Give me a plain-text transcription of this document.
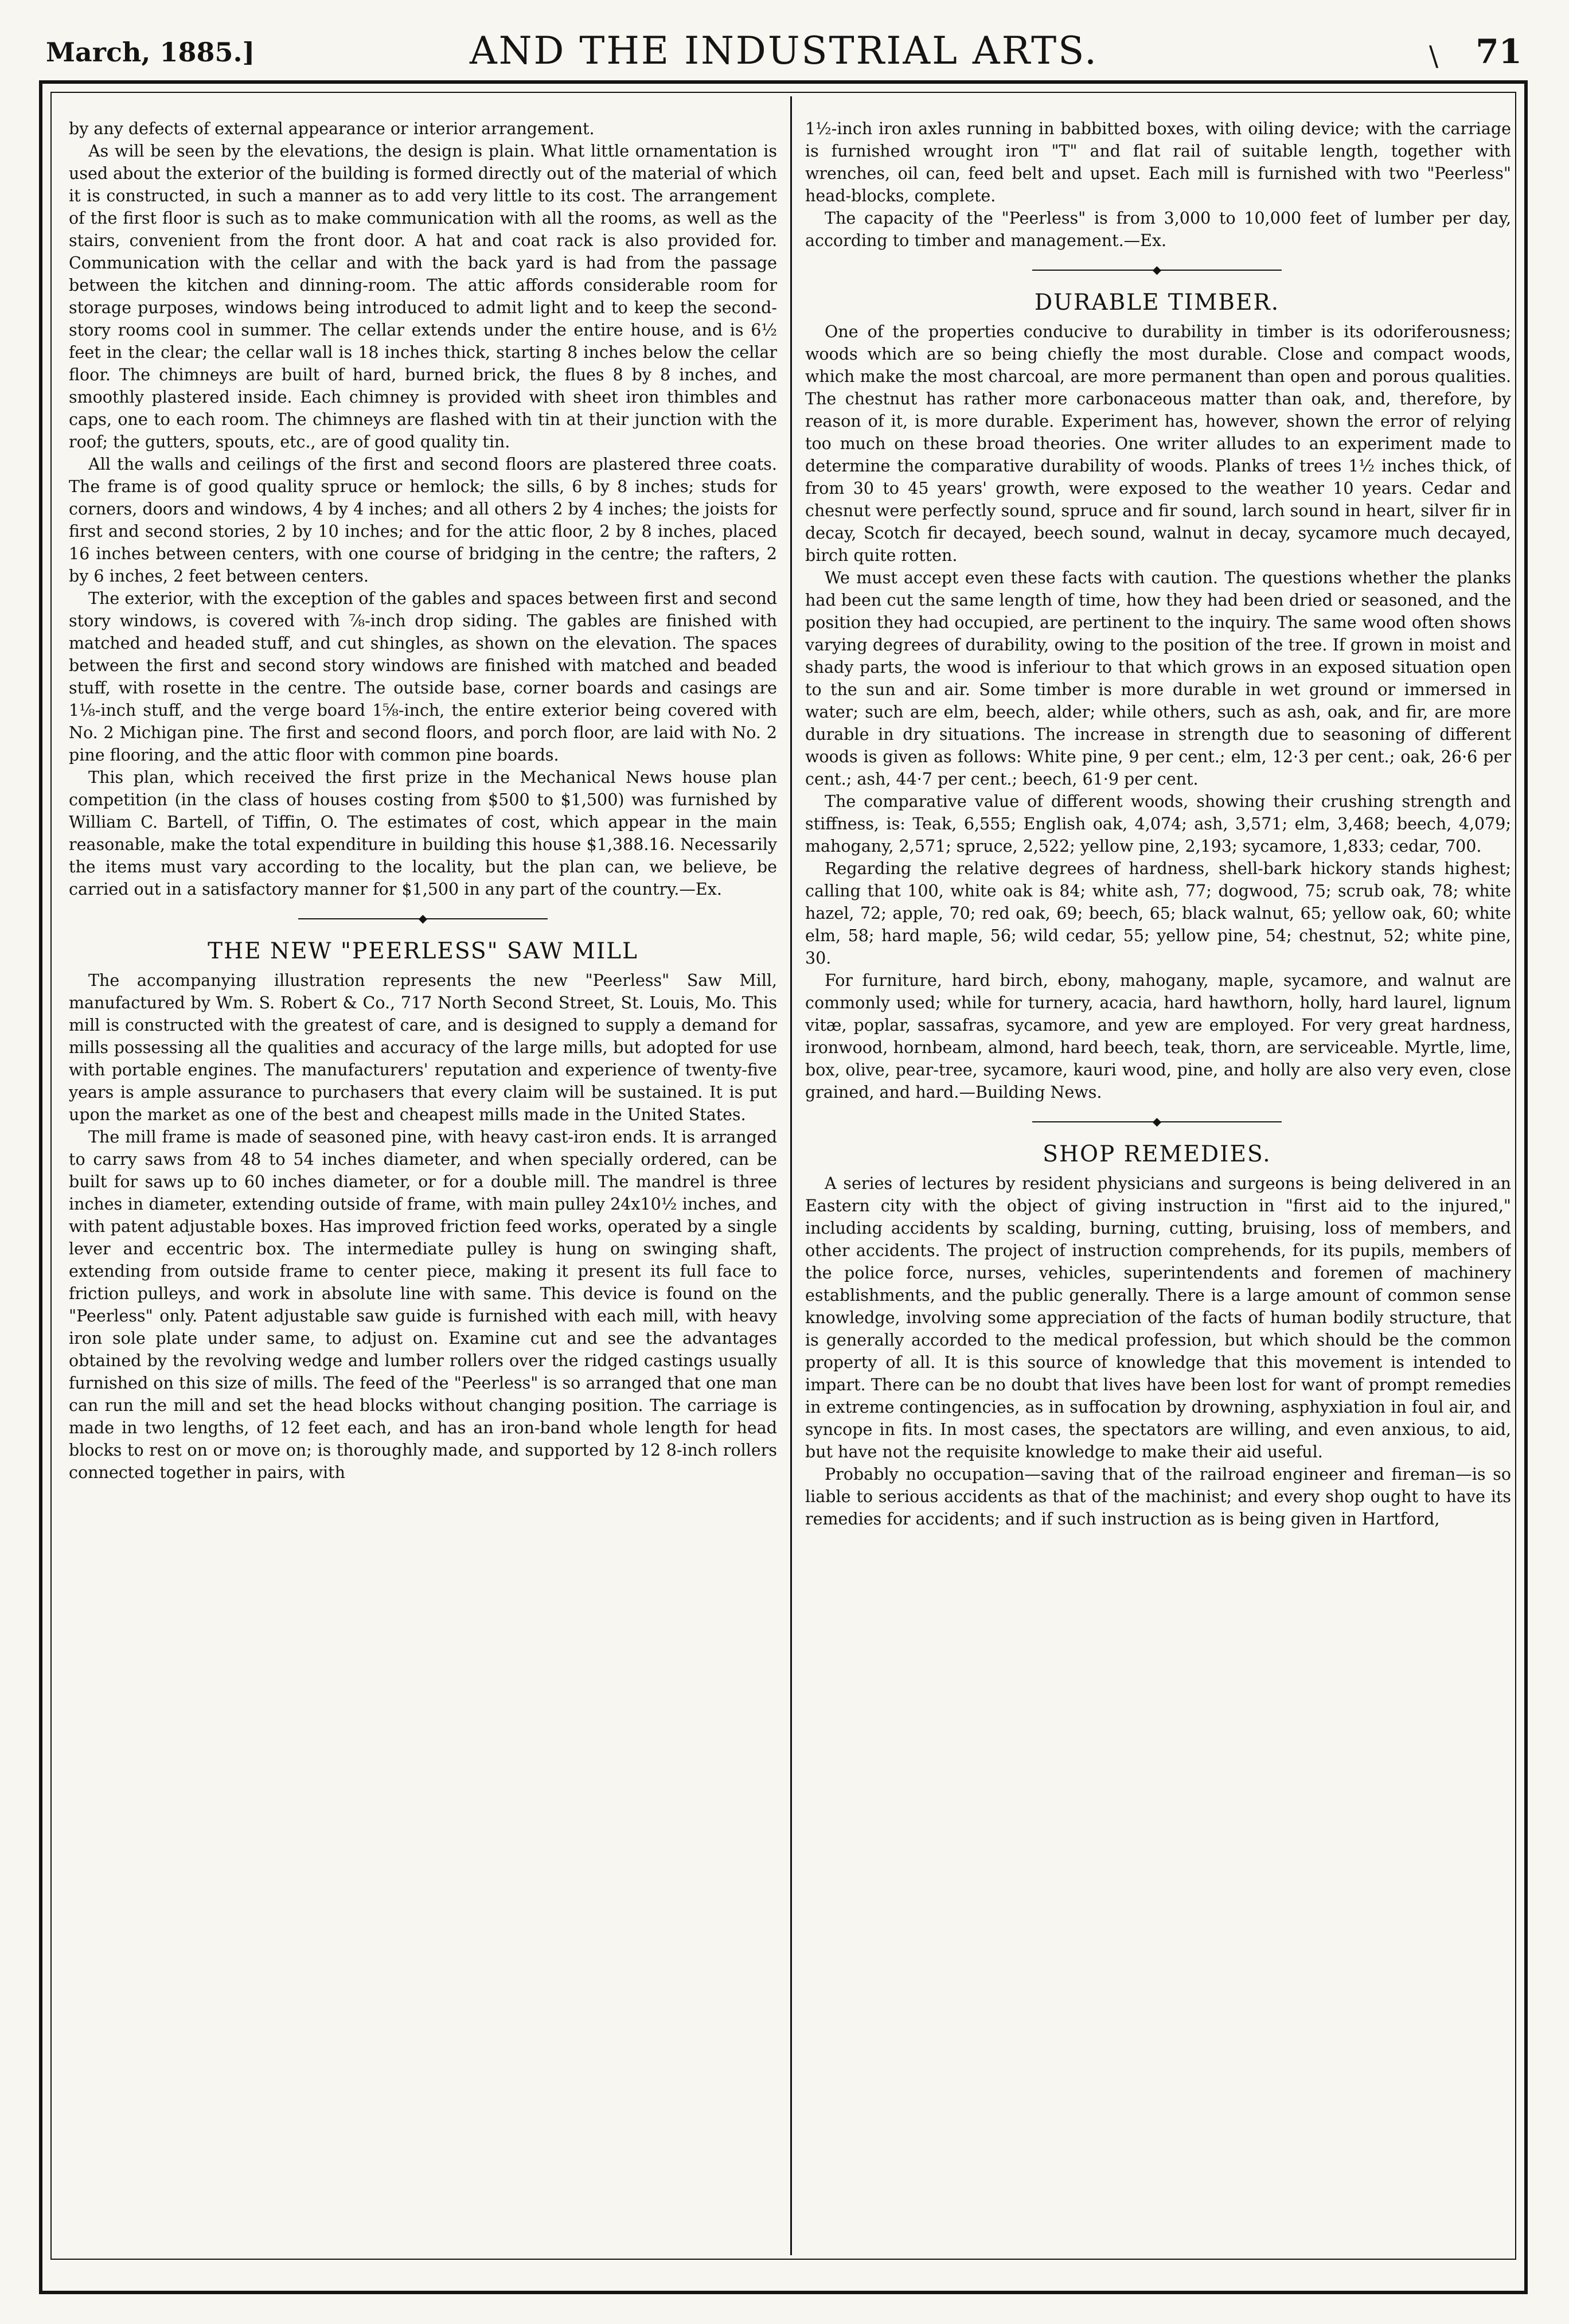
March, 1885.]	AND THE INDUSTRIAL ARTS.	\ 71

by any defects of external appearance or interior arrangement.

As will be seen by the elevations, the design is plain. What little ornamentation is used about the exterior of the building is formed directly out of the material of which it is constructed, in such a manner as to add very little to its cost. The arrangement of the first floor is such as to make communication with all the rooms, as well as the stairs, convenient from the front door. A hat and coat rack is also provided for. Communication with the cellar and with the back yard is had from the passage between the kitchen and dinning-room. The attic affords considerable room for storage purposes, windows being introduced to admit light and to keep the second-story rooms cool in summer. The cellar extends under the entire house, and is 6½ feet in the clear; the cellar wall is 18 inches thick, starting 8 inches below the cellar floor. The chimneys are built of hard, burned brick, the flues 8 by 8 inches, and smoothly plastered inside. Each chimney is provided with sheet iron thimbles and caps, one to each room. The chimneys are flashed with tin at their junction with the roof; the gutters, spouts, etc., are of good quality tin.

All the walls and ceilings of the first and second floors are plastered three coats. The frame is of good quality spruce or hemlock; the sills, 6 by 8 inches; studs for corners, doors and windows, 4 by 4 inches; and all others 2 by 4 inches; the joists for first and second stories, 2 by 10 inches; and for the attic floor, 2 by 8 inches, placed 16 inches between centers, with one course of bridging in the centre; the rafters, 2 by 6 inches, 2 feet between centers.

The exterior, with the exception of the gables and spaces between first and second story windows, is covered with ⅞-inch drop siding. The gables are finished with matched and headed stuff, and cut shingles, as shown on the elevation. The spaces between the first and second story windows are finished with matched and beaded stuff, with rosette in the centre. The outside base, corner boards and casings are 1⅛-inch stuff, and the verge board 1⅝-inch, the entire exterior being covered with No. 2 Michigan pine. The first and second floors, and porch floor, are laid with No. 2 pine flooring, and the attic floor with common pine boards.

This plan, which received the first prize in the Mechanical News house plan competition (in the class of houses costing from $500 to $1,500) was furnished by William C. Bartell, of Tiffin, O. The estimates of cost, which appear in the main reasonable, make the total expenditure in building this house $1,388.16. Necessarily the items must vary according to the locality, but the plan can, we believe, be carried out in a satisfactory manner for $1,500 in any part of the country.—Ex.

◆
THE NEW "PEERLESS" SAW MILL

The accompanying illustration represents the new "Peerless" Saw Mill, manufactured by Wm. S. Robert & Co., 717 North Second Street, St. Louis, Mo. This mill is constructed with the greatest of care, and is designed to supply a demand for mills possessing all the qualities and accuracy of the large mills, but adopted for use with portable engines. The manufacturers' reputation and experience of twenty-five years is ample assurance to purchasers that every claim will be sustained. It is put upon the market as one of the best and cheapest mills made in the United States.

The mill frame is made of seasoned pine, with heavy cast-iron ends. It is arranged to carry saws from 48 to 54 inches diameter, and when specially ordered, can be built for saws up to 60 inches diameter, or for a double mill. The mandrel is three inches in diameter, extending outside of frame, with main pulley 24x10½ inches, and with patent adjustable boxes. Has improved friction feed works, operated by a single lever and eccentric box. The intermediate pulley is hung on swinging shaft, extending from outside frame to center piece, making it present its full face to friction pulleys, and work in absolute line with same. This device is found on the "Peerless" only. Patent adjustable saw guide is furnished with each mill, with heavy iron sole plate under same, to adjust on. Examine cut and see the advantages obtained by the revolving wedge and lumber rollers over the ridged castings usually furnished on this size of mills. The feed of the "Peerless" is so arranged that one man can run the mill and set the head blocks without changing position. The carriage is made in two lengths, of 12 feet each, and has an iron-band whole length for head blocks to rest on or move on; is thoroughly made, and supported by 12 8-inch rollers connected together in pairs, with

1½-inch iron axles running in babbitted boxes, with oiling device; with the carriage is furnished wrought iron "T" and flat rail of suitable length, together with wrenches, oil can, feed belt and upset. Each mill is furnished with two "Peerless" head-blocks, complete.

The capacity of the "Peerless" is from 3,000 to 10,000 feet of lumber per day, according to timber and management.—Ex.

◆
DURABLE TIMBER.

One of the properties conducive to durability in timber is its odoriferousness; woods which are so being chiefly the most durable. Close and compact woods, which make the most charcoal, are more permanent than open and porous qualities. The chestnut has rather more carbonaceous matter than oak, and, therefore, by reason of it, is more durable. Experiment has, however, shown the error of relying too much on these broad theories. One writer alludes to an experiment made to determine the comparative durability of woods. Planks of trees 1½ inches thick, of from 30 to 45 years' growth, were exposed to the weather 10 years. Cedar and chesnut were perfectly sound, spruce and fir sound, larch sound in heart, silver fir in decay, Scotch fir decayed, beech sound, walnut in decay, sycamore much decayed, birch quite rotten.

We must accept even these facts with caution. The questions whether the planks had been cut the same length of time, how they had been dried or seasoned, and the position they had occupied, are pertinent to the inquiry. The same wood often shows varying degrees of durability, owing to the position of the tree. If grown in moist and shady parts, the wood is inferiour to that which grows in an exposed situation open to the sun and air. Some timber is more durable in wet ground or immersed in water; such are elm, beech, alder; while others, such as ash, oak, and fir, are more durable in dry situations. The increase in strength due to seasoning of different woods is given as follows: White pine, 9 per cent.; elm, 12·3 per cent.; oak, 26·6 per cent.; ash, 44·7 per cent.; beech, 61·9 per cent.

The comparative value of different woods, showing their crushing strength and stiffness, is: Teak, 6,555; English oak, 4,074; ash, 3,571; elm, 3,468; beech, 4,079; mahogany, 2,571; spruce, 2,522; yellow pine, 2,193; sycamore, 1,833; cedar, 700.

Regarding the relative degrees of hardness, shell-bark hickory stands highest; calling that 100, white oak is 84; white ash, 77; dogwood, 75; scrub oak, 78; white hazel, 72; apple, 70; red oak, 69; beech, 65; black walnut, 65; yellow oak, 60; white elm, 58; hard maple, 56; wild cedar, 55; yellow pine, 54; chestnut, 52; white pine, 30.

For furniture, hard birch, ebony, mahogany, maple, sycamore, and walnut are commonly used; while for turnery, acacia, hard hawthorn, holly, hard laurel, lignum vitæ, poplar, sassafras, sycamore, and yew are employed. For very great hardness, ironwood, hornbeam, almond, hard beech, teak, thorn, are serviceable. Myrtle, lime, box, olive, pear-tree, sycamore, kauri wood, pine, and holly are also very even, close grained, and hard.—Building News.

◆
SHOP REMEDIES.

A series of lectures by resident physicians and surgeons is being delivered in an Eastern city with the object of giving instruction in "first aid to the injured," including accidents by scalding, burning, cutting, bruising, loss of members, and other accidents. The project of instruction comprehends, for its pupils, members of the police force, nurses, vehicles, superintendents and foremen of machinery establishments, and the public generally. There is a large amount of common sense knowledge, involving some appreciation of the facts of human bodily structure, that is generally accorded to the medical profession, but which should be the common property of all. It is this source of knowledge that this movement is intended to impart. There can be no doubt that lives have been lost for want of prompt remedies in extreme contingencies, as in suffocation by drowning, asphyxiation in foul air, and syncope in fits. In most cases, the spectators are willing, and even anxious, to aid, but have not the requisite knowledge to make their aid useful.

Probably no occupation—saving that of the railroad engineer and fireman—is so liable to serious accidents as that of the machinist; and every shop ought to have its remedies for accidents; and if such instruction as is being given in Hartford,
